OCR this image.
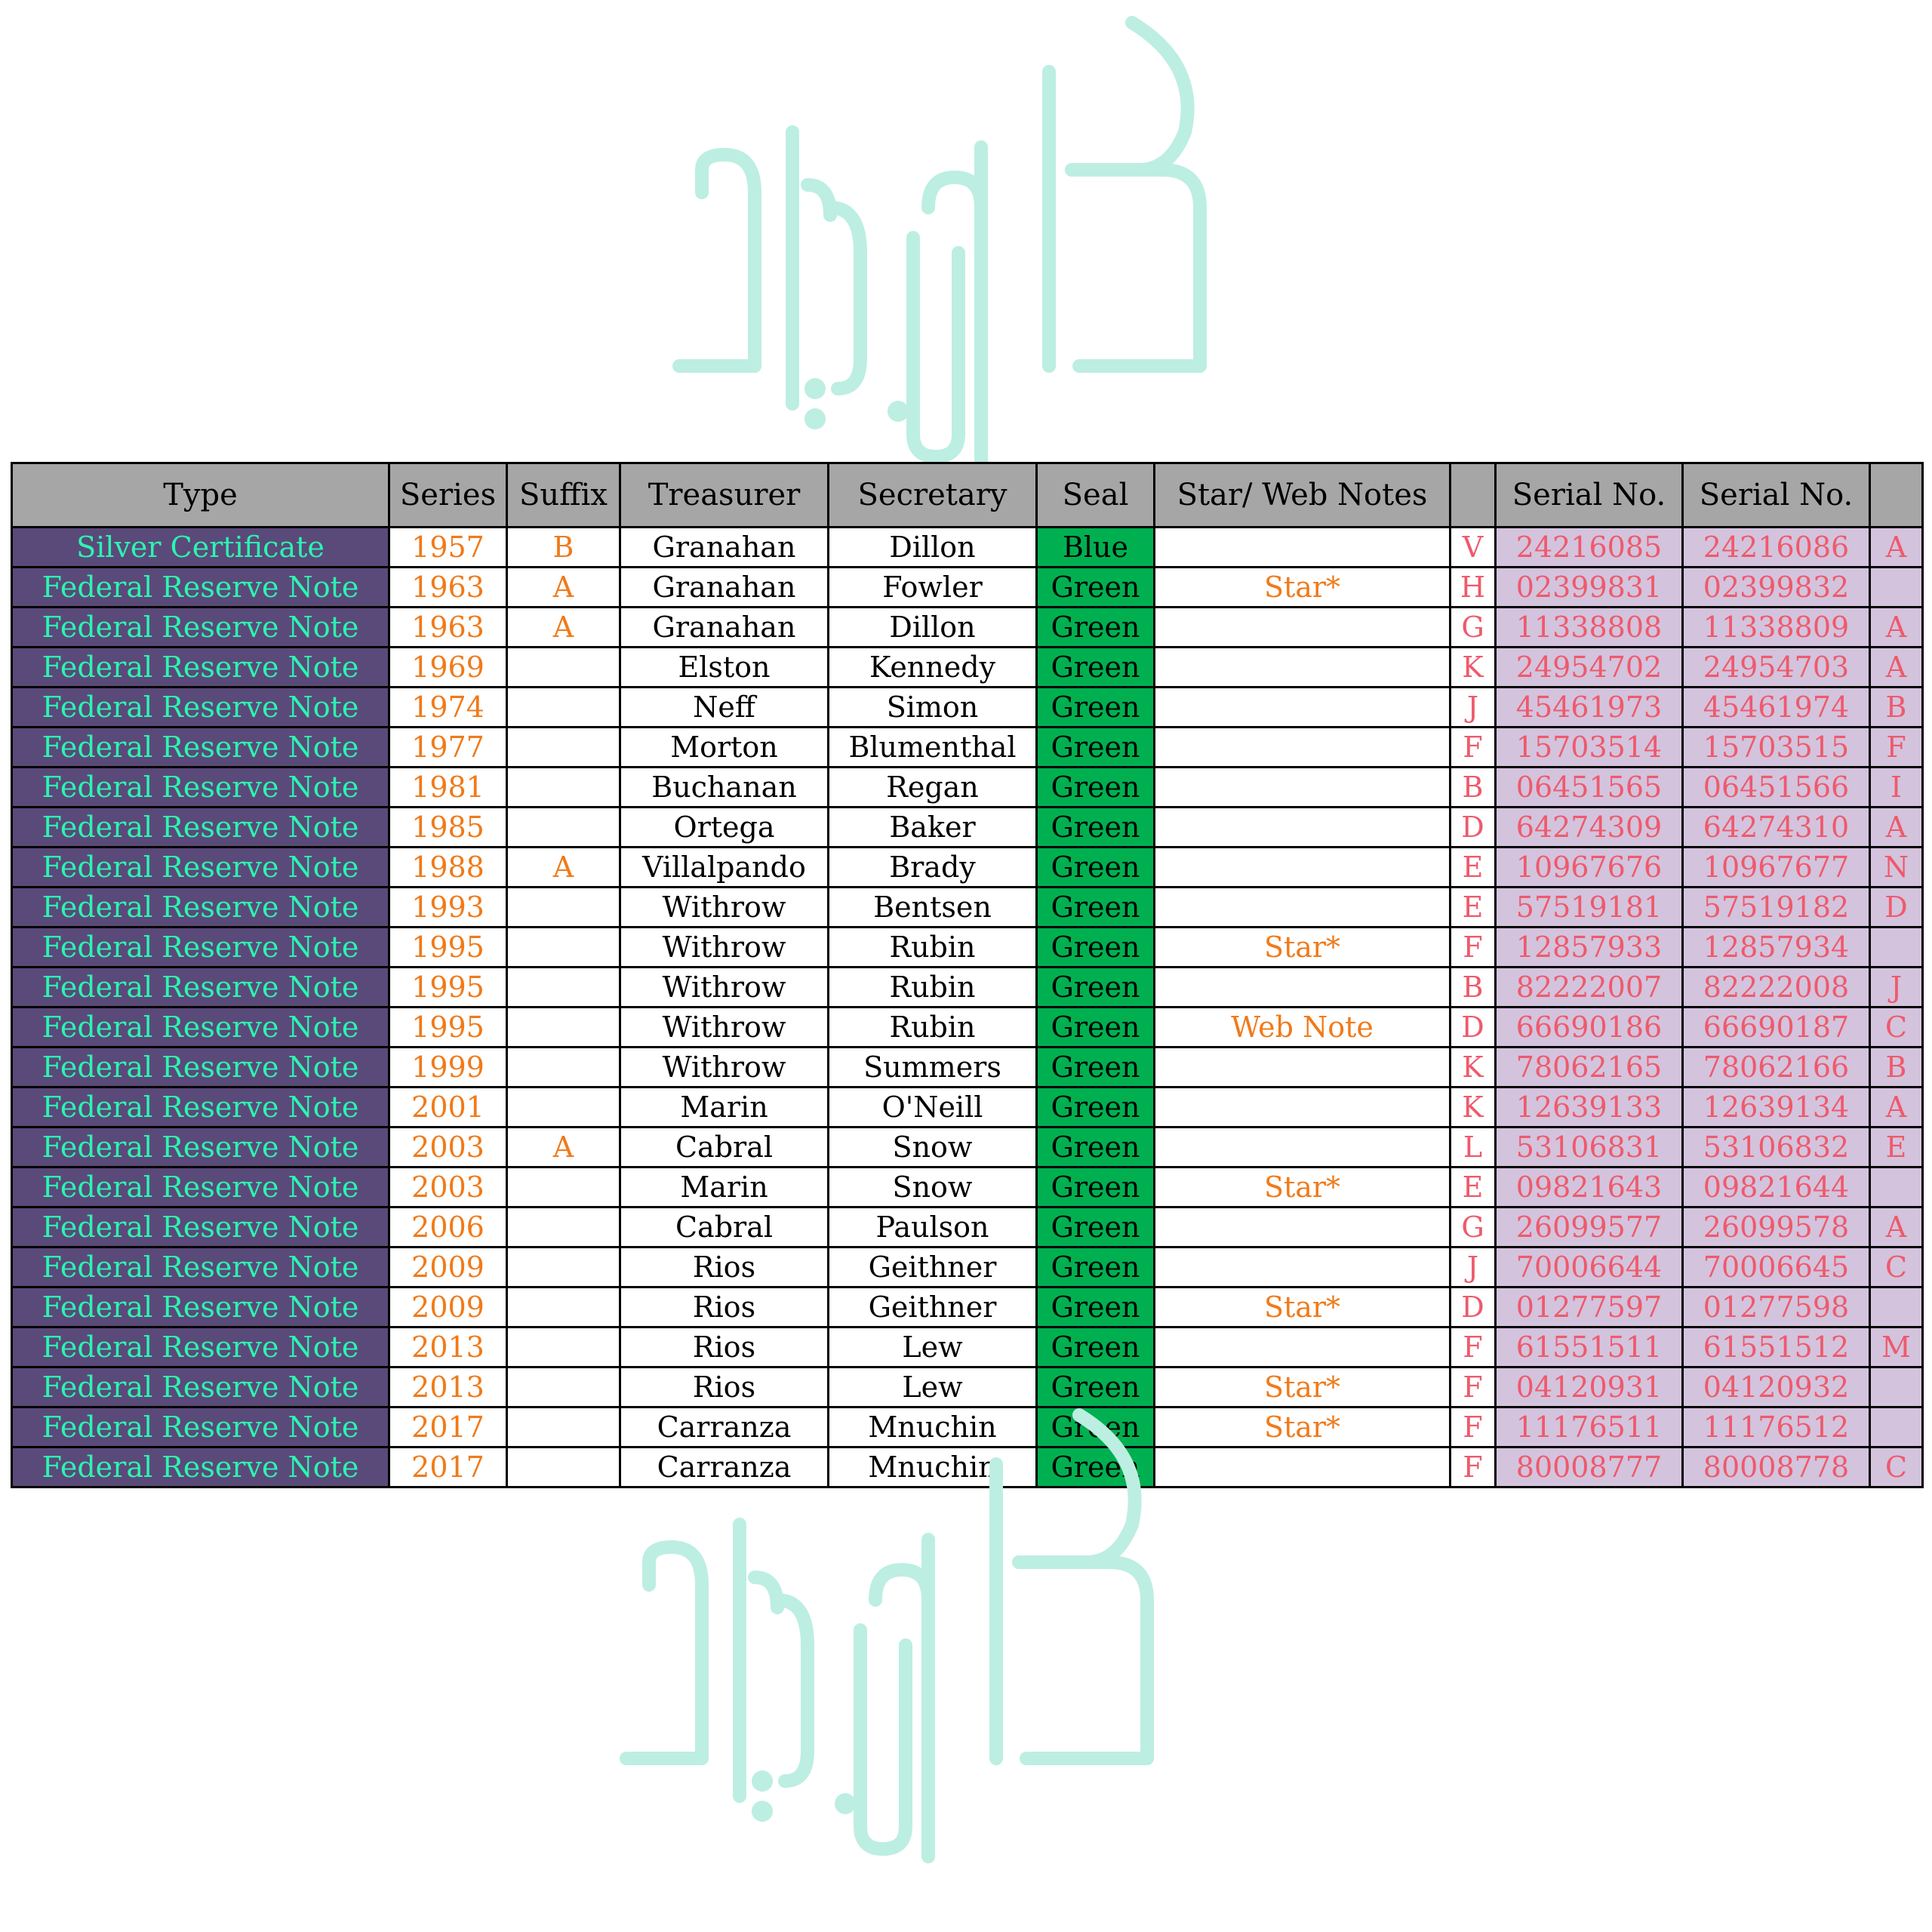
Type	Series	Suffix	Treasurer	Secretary	Seal	Star/ Web Notes		Serial No.	Serial No.	
Silver Certificate	1957	B	Granahan	Dillon	Blue		V	24216085	24216086	A
Federal Reserve Note	1963	A	Granahan	Fowler	Green	Star*	H	02399831	02399832	
Federal Reserve Note	1963	A	Granahan	Dillon	Green		G	11338808	11338809	A
Federal Reserve Note	1969		Elston	Kennedy	Green		K	24954702	24954703	A
Federal Reserve Note	1974		Neff	Simon	Green		J	45461973	45461974	B
Federal Reserve Note	1977		Morton	Blumenthal	Green		F	15703514	15703515	F
Federal Reserve Note	1981		Buchanan	Regan	Green		B	06451565	06451566	I
Federal Reserve Note	1985		Ortega	Baker	Green		D	64274309	64274310	A
Federal Reserve Note	1988	A	Villalpando	Brady	Green		E	10967676	10967677	N
Federal Reserve Note	1993		Withrow	Bentsen	Green		E	57519181	57519182	D
Federal Reserve Note	1995		Withrow	Rubin	Green	Star*	F	12857933	12857934	
Federal Reserve Note	1995		Withrow	Rubin	Green		B	82222007	82222008	J
Federal Reserve Note	1995		Withrow	Rubin	Green	Web Note	D	66690186	66690187	C
Federal Reserve Note	1999		Withrow	Summers	Green		K	78062165	78062166	B
Federal Reserve Note	2001		Marin	O'Neill	Green		K	12639133	12639134	A
Federal Reserve Note	2003	A	Cabral	Snow	Green		L	53106831	53106832	E
Federal Reserve Note	2003		Marin	Snow	Green	Star*	E	09821643	09821644	
Federal Reserve Note	2006		Cabral	Paulson	Green		G	26099577	26099578	A
Federal Reserve Note	2009		Rios	Geithner	Green		J	70006644	70006645	C
Federal Reserve Note	2009		Rios	Geithner	Green	Star*	D	01277597	01277598	
Federal Reserve Note	2013		Rios	Lew	Green		F	61551511	61551512	M
Federal Reserve Note	2013		Rios	Lew	Green	Star*	F	04120931	04120932	
Federal Reserve Note	2017		Carranza	Mnuchin	Green	Star*	F	11176511	11176512	
Federal Reserve Note	2017		Carranza	Mnuchin	Green		F	80008777	80008778	C
